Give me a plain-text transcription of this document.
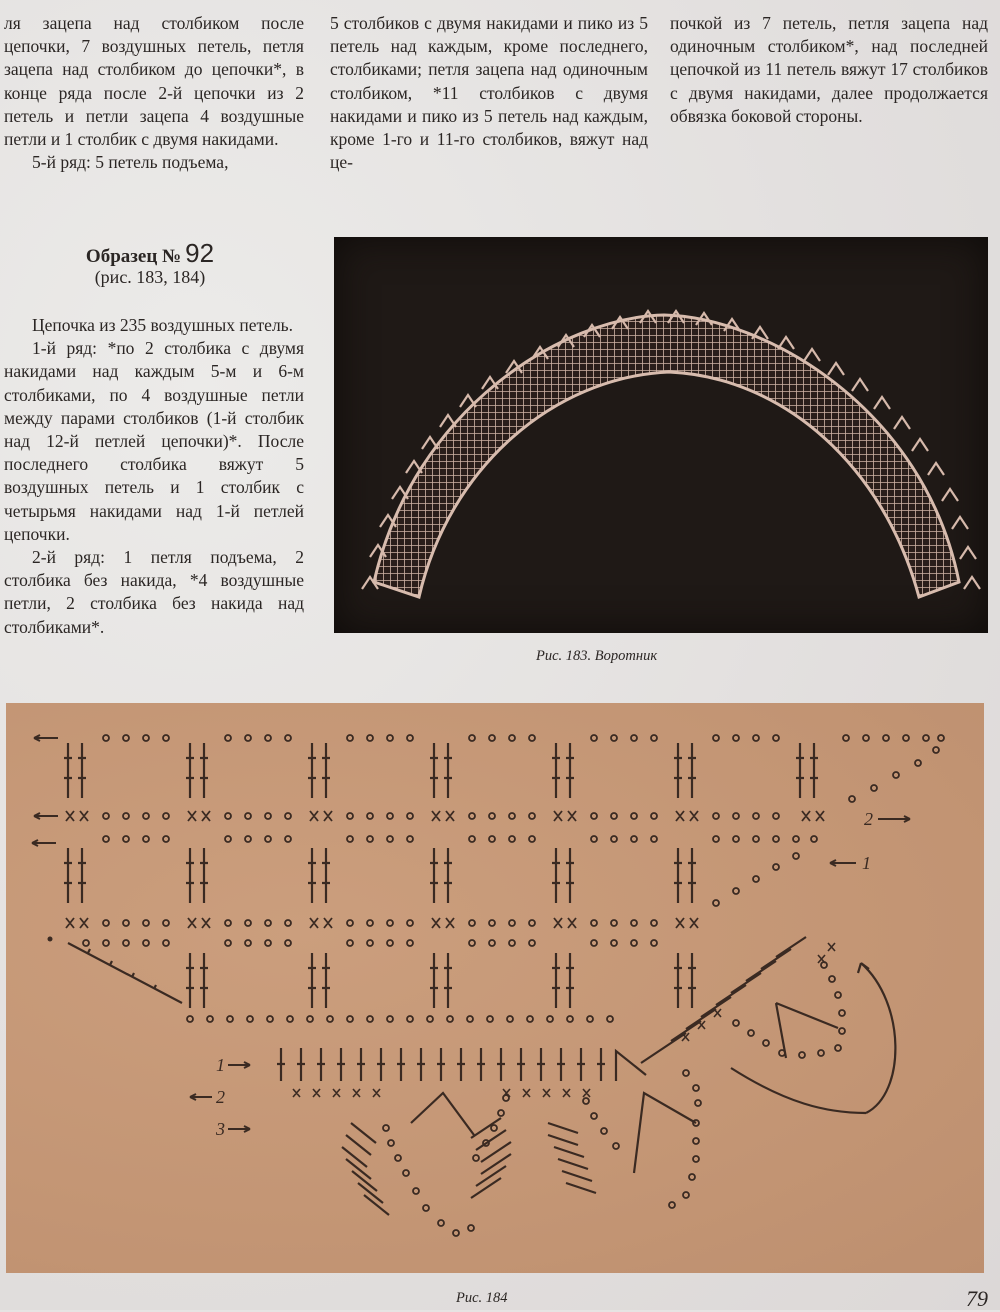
ля зацепа над столбиком после цепочки, 7 воздушных петель, петля зацепа над столбиком до цепочки*, в конце ряда после 2-й цепочки из 2 петель и петли зацепа 4 воздушные петли и 1 столбик с двумя накидами.

5-й ряд: 5 петель подъема,

5 столбиков с двумя накидами и пико из 5 петель над каждым, кроме последнего, столбиками; петля зацепа над одиночным столбиком, *11 столбиков с двумя накидами и пико из 5 петель над каждым, кроме 1-го и 11-го столбиков, вяжут над це-

почкой из 7 петель, петля зацепа над одиночным столбиком*, над последней цепочкой из 11 петель вяжут 17 столбиков с двумя накидами, далее продолжается обвязка боковой стороны.

Образец № 92
(рис. 183, 184)

Цепочка из 235 воздушных петель.

1-й ряд: *по 2 столбика с двумя накидами над каждым 5-м и 6-м столбиками, по 4 воздушные петли между парами столбиков (1-й столбик над 12-й петлей цепочки)*. После последнего столбика вяжут 5 воздушных петель и 1 столбик с четырьмя накидами над 1-й петлей цепочки.

2-й ряд: 1 петля подъема, 2 столбика без накида, *4 воздушные петли, 2 столбика без накида над столбиками*.

Рис. 183. Воротник
2
1
1
2
3
Рис. 184	79
